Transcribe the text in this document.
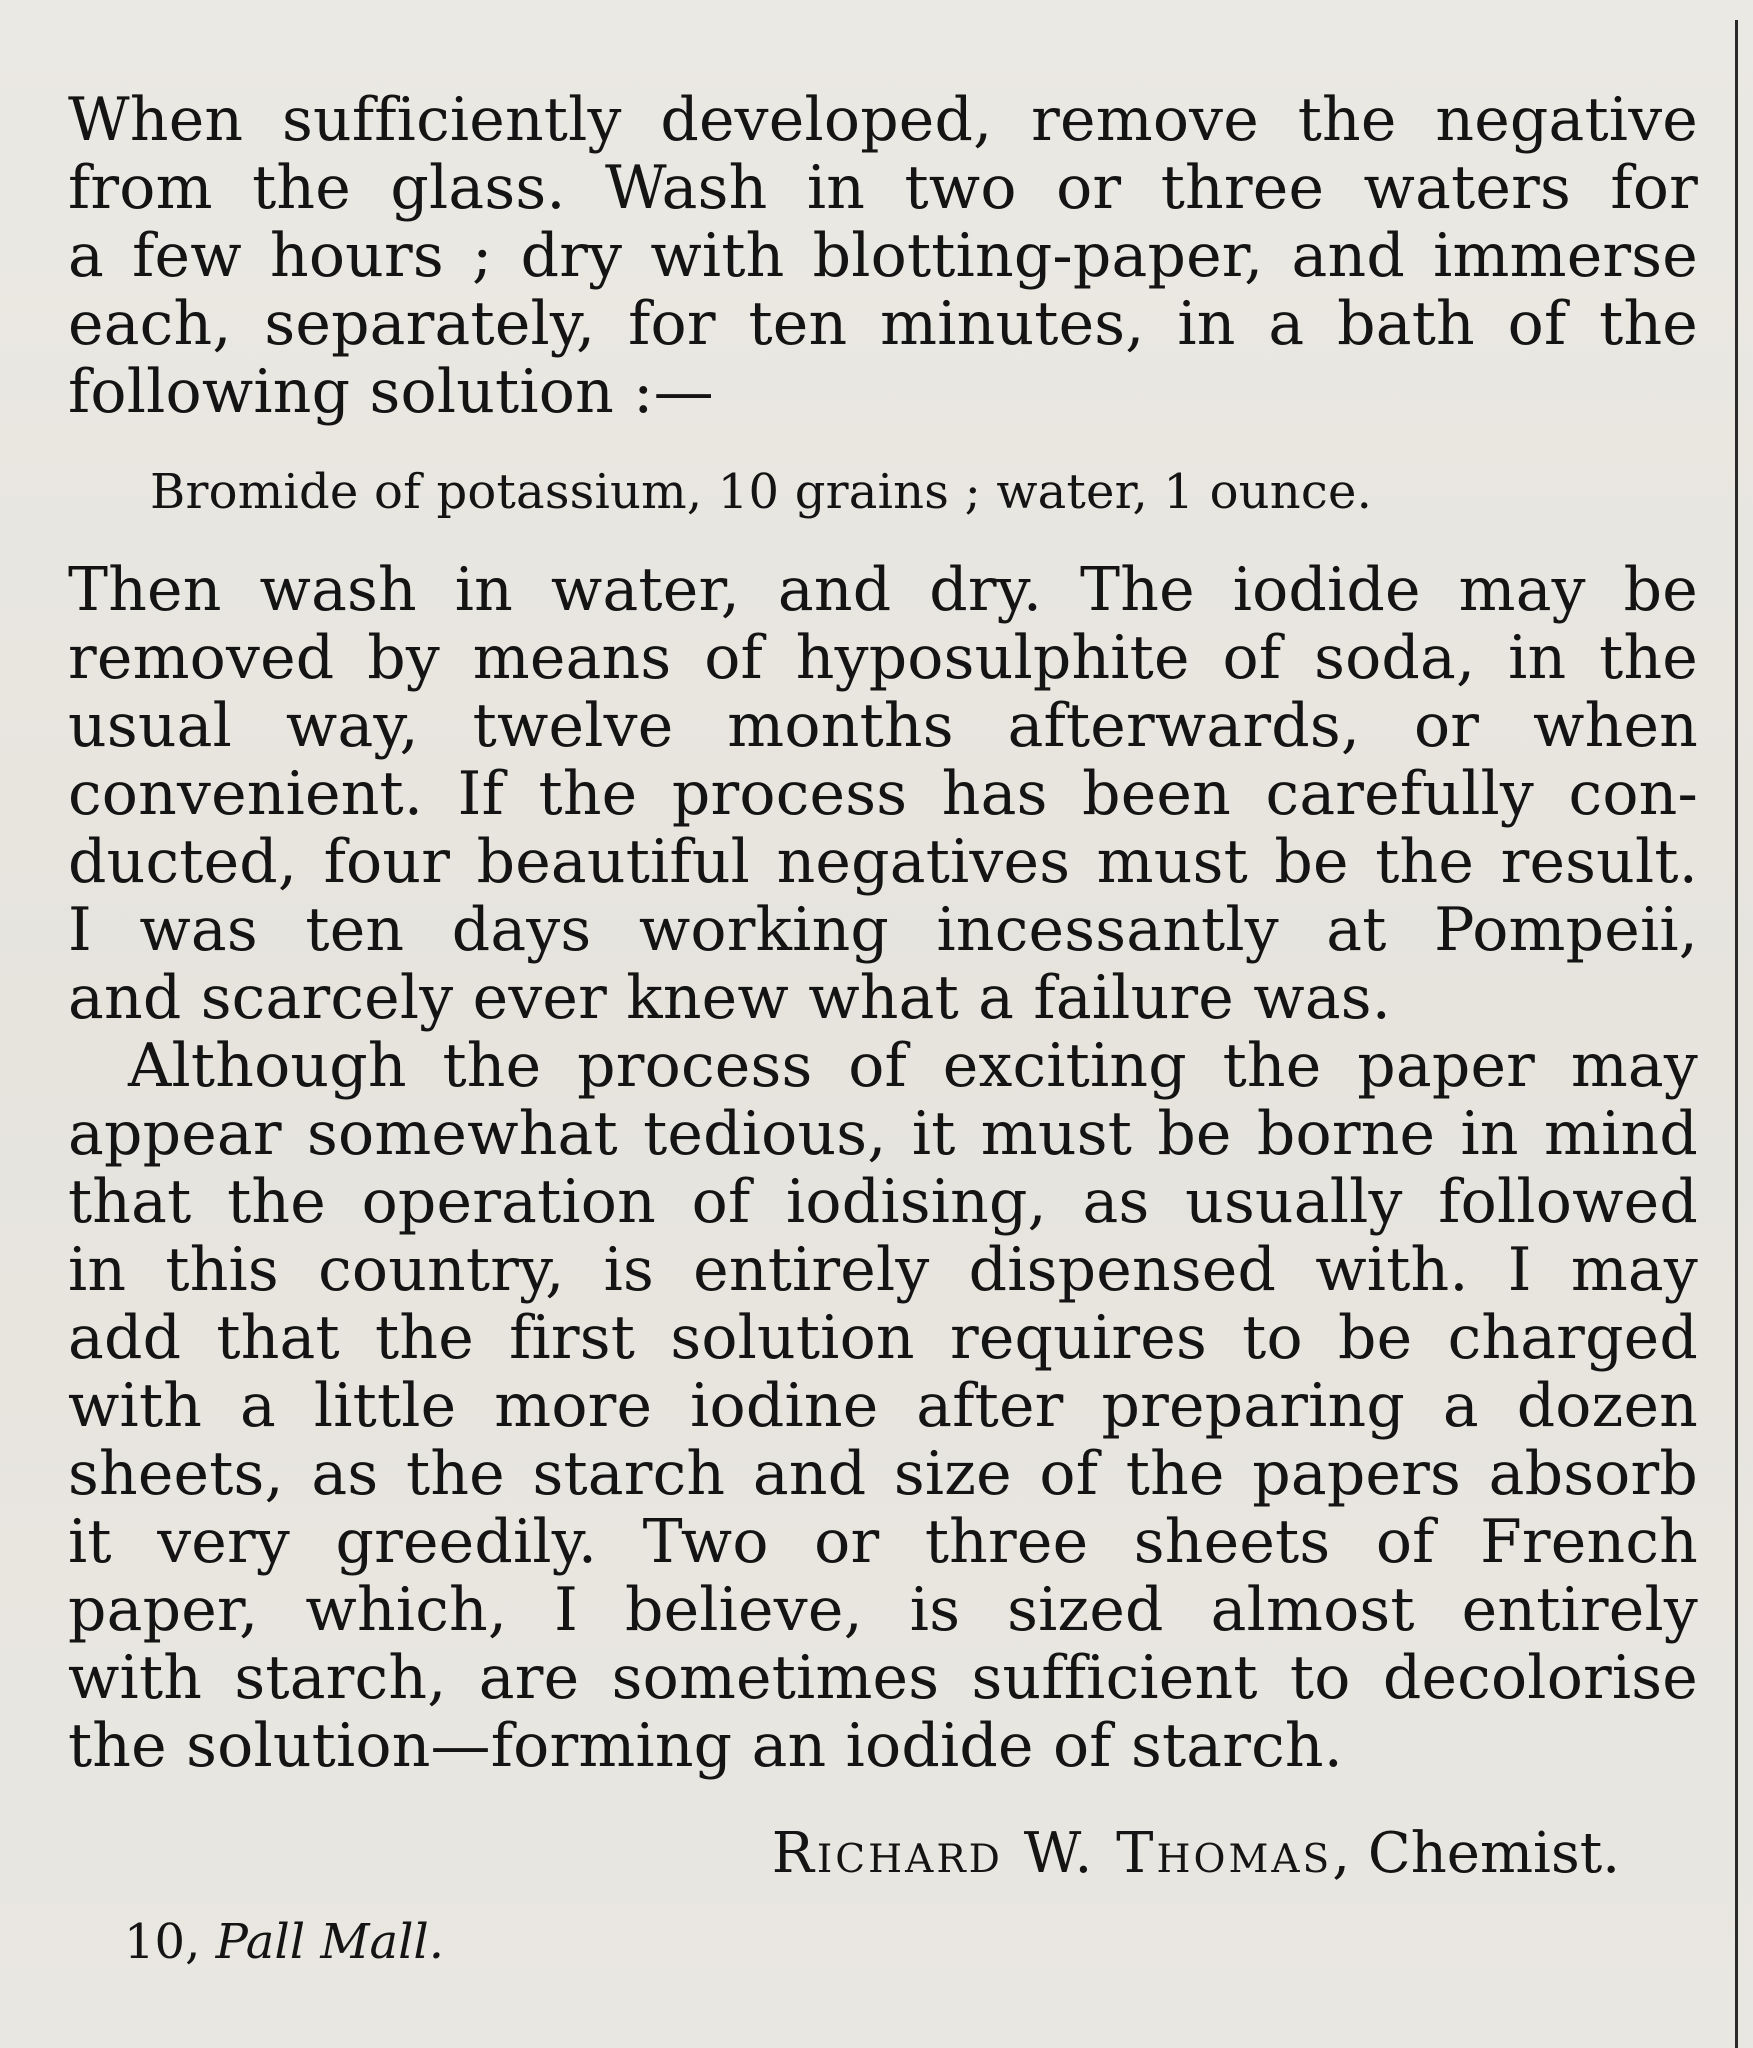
When sufficiently developed, remove the negative
from the glass. Wash in two or three waters for
a few hours ; dry with blotting-paper, and immerse
each, separately, for ten minutes, in a bath of the
following solution :—
Bromide of potassium, 10 grains ; water, 1 ounce.
Then wash in water, and dry. The iodide may be
removed by means of hyposulphite of soda, in the
usual way, twelve months afterwards, or when
convenient. If the process has been carefully con-
ducted, four beautiful negatives must be the result.
I was ten days working incessantly at Pompeii,
and scarcely ever knew what a failure was.
Although the process of exciting the paper may
appear somewhat tedious, it must be borne in mind
that the operation of iodising, as usually followed
in this country, is entirely dispensed with. I may
add that the first solution requires to be charged
with a little more iodine after preparing a dozen
sheets, as the starch and size of the papers absorb
it very greedily. Two or three sheets of French
paper, which, I believe, is sized almost entirely
with starch, are sometimes sufficient to decolorise
the solution—forming an iodide of starch.
Richard W. Thomas, Chemist.
10, Pall Mall.
